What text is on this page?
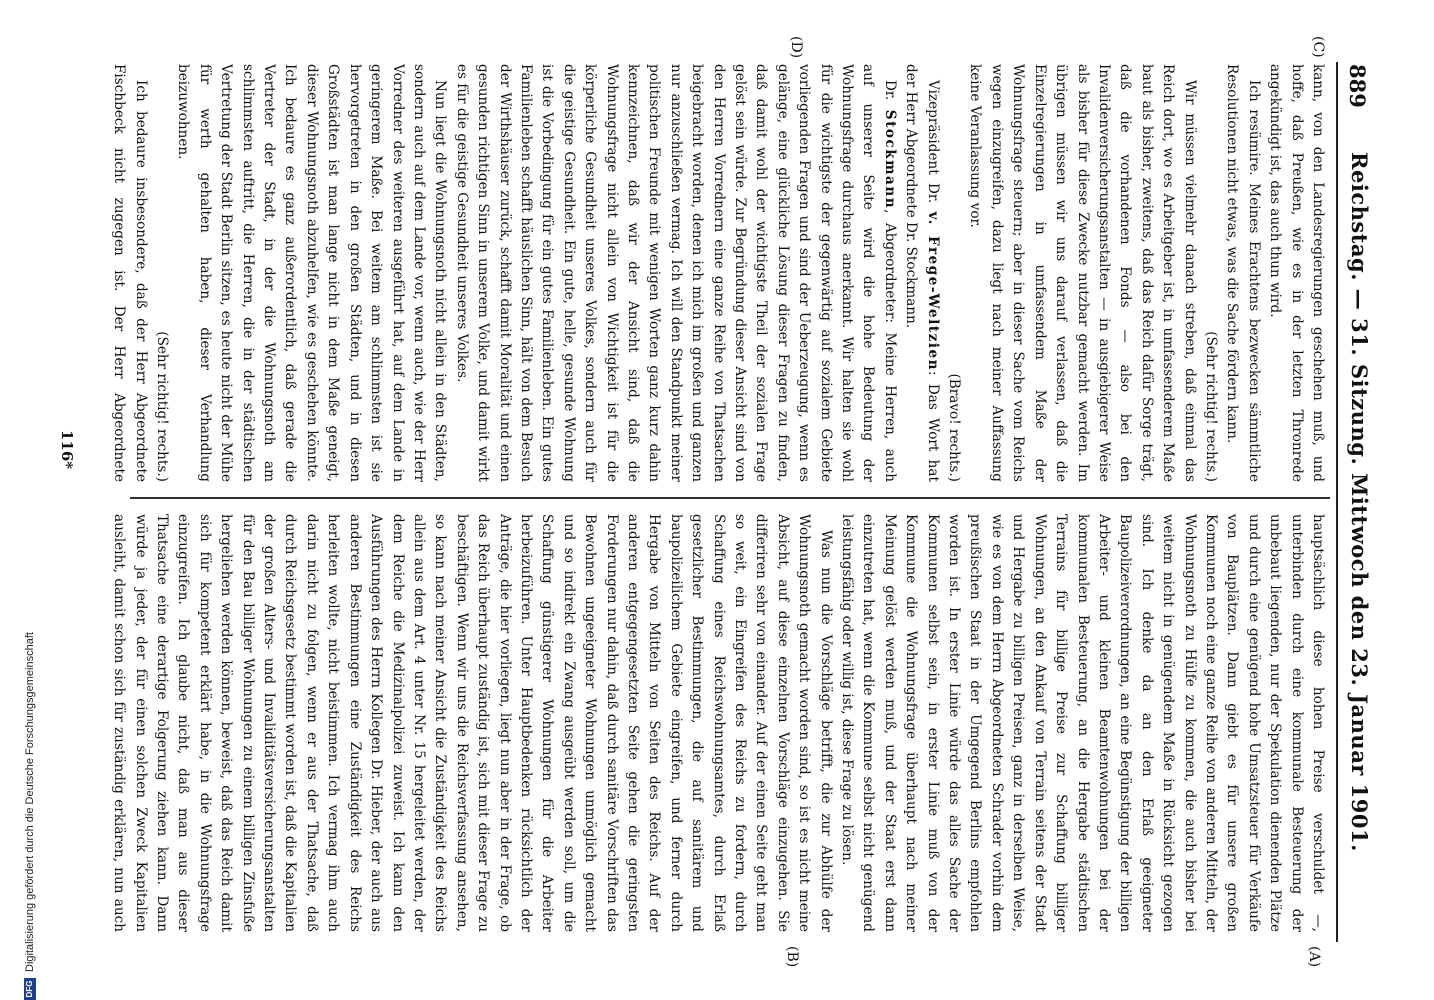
889
Reichstag. — 31. Sitzung. Mittwoch den 23. Januar 1901.
(A)
(B)
(C)
(D)

kann, von den Landesregierungen geschehen muß, und hoffe, daß Preußen, wie es in der letzten Thronrede angekündigt ist, das auch thun wird.

Ich resümire. Meines Erachtens bezwecken sämmtliche Resolutionen nicht etwas, was die Sache fördern kann.

(Sehr richtig! rechts.)

Wir müssen vielmehr danach streben, daß einmal das Reich dort, wo es Arbeitgeber ist, in umfassenderem Maße baut als bisher, zweitens, daß das Reich dafür Sorge trägt, daß die vorhandenen Fonds — also bei den Invalidenversicherungsanstalten — in ausgiebigerer Weise als bisher für diese Zwecke nutzbar gemacht werden. Im übrigen müssen wir uns darauf verlassen, daß die Einzelregierungen in umfassendem Maße der Wohnungsfrage steuern; aber in dieser Sache vom Reichs wegen einzugreifen, dazu liegt nach meiner Auffassung keine Veranlassung vor.

(Bravo! rechts.)

Vizepräsident Dr. v. Frege-Weltzien: Das Wort hat der Herr Abgeordnete Dr. Stockmann.

Dr. Stockmann, Abgeordneter: Meine Herren, auch auf unserer Seite wird die hohe Bedeutung der Wohnungsfrage durchaus anerkannt. Wir halten sie wohl für die wichtigste der gegenwärtig auf sozialem Gebiete vorliegenden Fragen und sind der Ueberzeugung, wenn es gelänge, eine glückliche Lösung dieser Fragen zu finden, daß damit wohl der wichtigste Theil der sozialen Frage gelöst sein würde. Zur Begründung dieser Ansicht sind von den Herren Vorrednern eine ganze Reihe von Thatsachen beigebracht worden, denen ich mich im großen und ganzen nur anzuschließen vermag. Ich will den Standpunkt meiner politischen Freunde mit wenigen Worten ganz kurz dahin kennzeichnen, daß wir der Ansicht sind, daß die Wohnungsfrage nicht allein von Wichtigkeit ist für die körperliche Gesundheit unseres Volkes, sondern auch für die geistige Gesundheit. Ein gute, helle, gesunde Wohnung ist die Vorbedingung für ein gutes Familienleben. Ein gutes Familienleben schafft häuslichen Sinn, hält von dem Besuch der Wirthshäuser zurück, schafft damit Moralität und einen gesunden richtigen Sinn in unserem Volke, und damit wirkt es für die geistige Gesundheit unseres Volkes.

Nun liegt die Wohnungsnoth nicht allein in den Städten, sondern auch auf dem Lande vor, wenn auch, wie der Herr Vorredner des weiteren ausgeführt hat, auf dem Lande in geringerem Maße. Bei weitem am schlimmsten ist sie hervorgetreten in den großen Städten, und in diesen Großstädten ist man lange nicht in dem Maße geneigt, dieser Wohnungsnoth abzuhelfen, wie es geschehen könnte. Ich bedaure es ganz außerordentlich, daß gerade die Vertreter der Stadt, in der die Wohnungsnoth am schlimmsten auftritt, die Herren, die in der städtischen Vertretung der Stadt Berlin sitzen, es heute nicht der Mühe für werth gehalten haben, dieser Verhandlung beizuwohnen.

(Sehr richtig! rechts.)

Ich bedaure insbesondere, daß der Herr Abgeordnete Fischbeck nicht zugegen ist. Der Herr Abgeordnete

hauptsächlich diese hohen Preise verschuldet —, unterbinden durch eine kommunale Besteuerung der unbebaut liegenden, nur der Spekulation dienenden Plätze und durch eine genügend hohe Umsatzsteuer für Verkäufe von Bauplätzen. Dann giebt es für unsere großen Kommunen noch eine ganze Reihe von anderen Mitteln, der Wohnungsnoth zu Hülfe zu kommen, die auch bisher bei weitem nicht in genügendem Maße in Rücksicht gezogen sind. Ich denke da an den Erlaß geeigneter Baupolizeiverordnungen, an eine Begünstigung der billigen Arbeiter- und kleinen Beamtenwohnungen bei der kommunalen Besteuerung, an die Hergabe städtischen Terrains für billige Preise zur Schaffung billiger Wohnungen, an den Ankauf von Terrain seitens der Stadt und Hergabe zu billigen Preisen, ganz in derselben Weise, wie es von dem Herrn Abgeordneten Schrader vorhin dem preußischen Staat in der Umgegend Berlins empfohlen worden ist. In erster Linie würde das alles Sache der Kommunen selbst sein, in erster Linie muß von der Kommune die Wohnungsfrage überhaupt nach meiner Meinung gelöst werden muß, und der Staat erst dann einzutreten hat, wenn die Kommune selbst nicht genügend leistungsfähig oder willig ist, diese Frage zu lösen.

Was nun die Vorschläge betrifft, die zur Abhülfe der Wohnungsnoth gemacht worden sind, so ist es nicht meine Absicht, auf diese einzelnen Vorschläge einzugehen. Sie differiren sehr von einander. Auf der einen Seite geht man so weit, ein Eingreifen des Reichs zu fordern, durch Schaffung eines Reichswohnungsamtes, durch Erlaß gesetzlicher Bestimmungen, die auf sanitärem und baupolizeilichem Gebiete eingreifen, und ferner durch Hergabe von Mitteln von Seiten des Reichs. Auf der anderen entgegengesetzten Seite gehen die geringsten Forderungen nur dahin, daß durch sanitäre Vorschriften das Bewohnen ungeeigneter Wohnungen unmöglich gemacht und so indirekt ein Zwang ausgeübt werden soll, um die Schaffung günstigerer Wohnungen für die Arbeiter herbeizuführen. Unter Hauptbedenken rücksichtlich der Anträge, die hier vorliegen, liegt nun aber in der Frage, ob das Reich überhaupt zuständig ist, sich mit dieser Frage zu beschäftigen. Wenn wir uns die Reichsverfassung ansehen, so kann nach meiner Ansicht die Zuständigkeit des Reichs allein aus dem Art. 4 unter Nr. 15 hergeleitet werden, der dem Reiche die Medizinalpolizei zuweist. Ich kann den Ausführungen des Herrn Kollegen Dr. Hieber, der auch aus anderen Bestimmungen eine Zuständigkeit des Reichs herleiten wollte, nicht beistimmen. Ich vermag ihm auch darin nicht zu folgen, wenn er aus der Thatsache, daß durch Reichsgesetz bestimmt worden ist, daß die Kapitalien der großen Alters- und Invaliditätsversicherungsanstalten für den Bau billiger Wohnungen zu einem billigen Zinsfuße hergeliehen werden können, beweist, daß das Reich damit sich für kompetent erklärt habe, in die Wohnungsfrage einzugreifen. Ich glaube nicht, daß man aus dieser Thatsache eine derartige Folgerung ziehen kann. Dann würde ja jeder, der für einen solchen Zweck Kapitalien ausleiht, damit schon sich für zuständig erklären, nun auch

116*
DFG
Digitalisierung gefördert durch die Deutsche Forschungsgemeinschaft
